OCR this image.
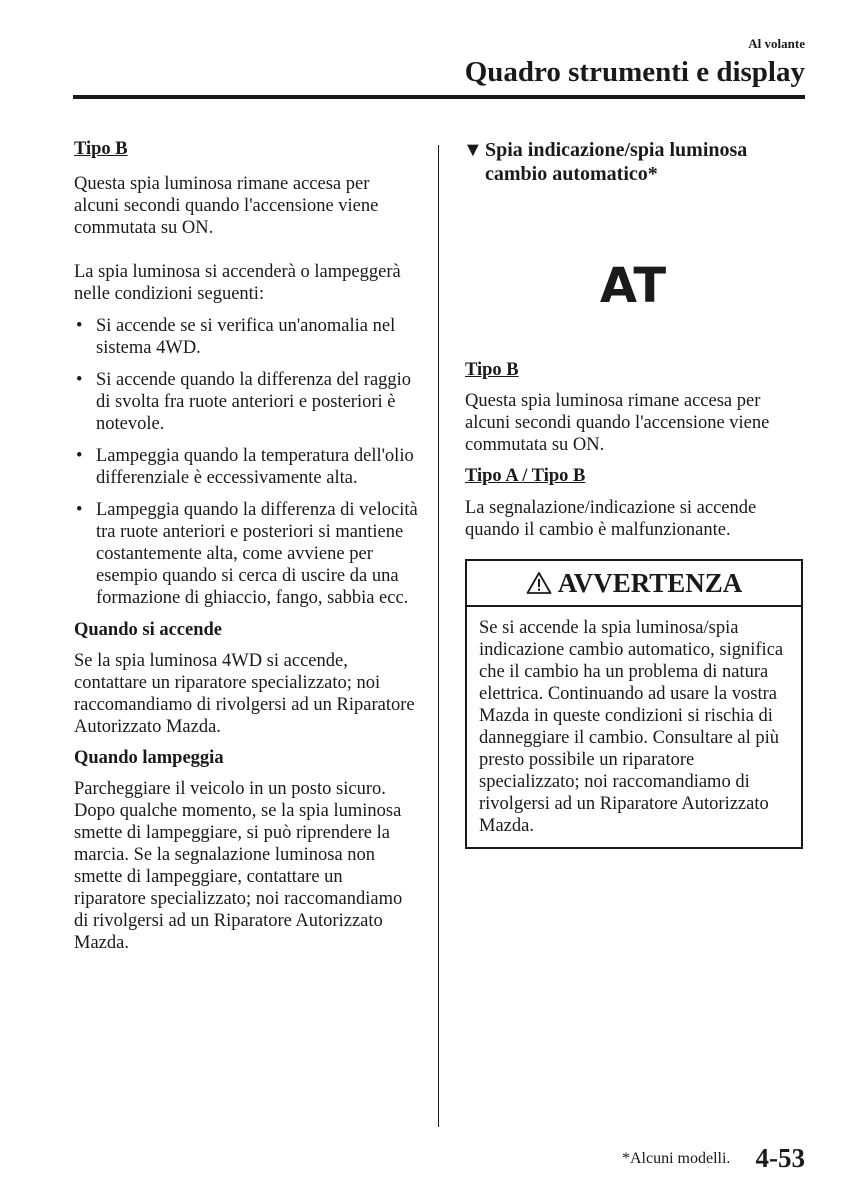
Al volante
Quadro strumenti e display

Tipo B

Questa spia luminosa rimane accesa per alcuni secondi quando l'accensione viene commutata su ON.

La spia luminosa si accenderà o lampeggerà nelle condizioni seguenti:

• Si accende se si verifica un'anomalia nel sistema 4WD.
• Si accende quando la differenza del raggio di svolta fra ruote anteriori e posteriori è notevole.
• Lampeggia quando la temperatura dell'olio differenziale è eccessivamente alta.
• Lampeggia quando la differenza di velocità tra ruote anteriori e posteriori si mantiene costantemente alta, come avviene per esempio quando si cerca di uscire da una formazione di ghiaccio, fango, sabbia ecc.

Quando si accende

Se la spia luminosa 4WD si accende, contattare un riparatore specializzato; noi raccomandiamo di rivolgersi ad un Riparatore Autorizzato Mazda.

Quando lampeggia

Parcheggiare il veicolo in un posto sicuro. Dopo qualche momento, se la spia luminosa smette di lampeggiare, si può riprendere la marcia. Se la segnalazione luminosa non smette di lampeggiare, contattare un riparatore specializzato; noi raccomandiamo di rivolgersi ad un Riparatore Autorizzato Mazda.

▼ Spia indicazione/spia luminosa
cambio automatico*
AT

Tipo B

Questa spia luminosa rimane accesa per alcuni secondi quando l'accensione viene commutata su ON.

Tipo A / Tipo B

La segnalazione/indicazione si accende quando il cambio è malfunzionante.

AVVERTENZA
Se si accende la spia luminosa/spia indicazione cambio automatico, significa che il cambio ha un problema di natura elettrica. Continuando ad usare la vostra Mazda in queste condizioni si rischia di danneggiare il cambio. Consultare al più presto possibile un riparatore specializzato; noi raccomandiamo di rivolgersi ad un Riparatore Autorizzato Mazda.
*Alcuni modelli. 4-53
